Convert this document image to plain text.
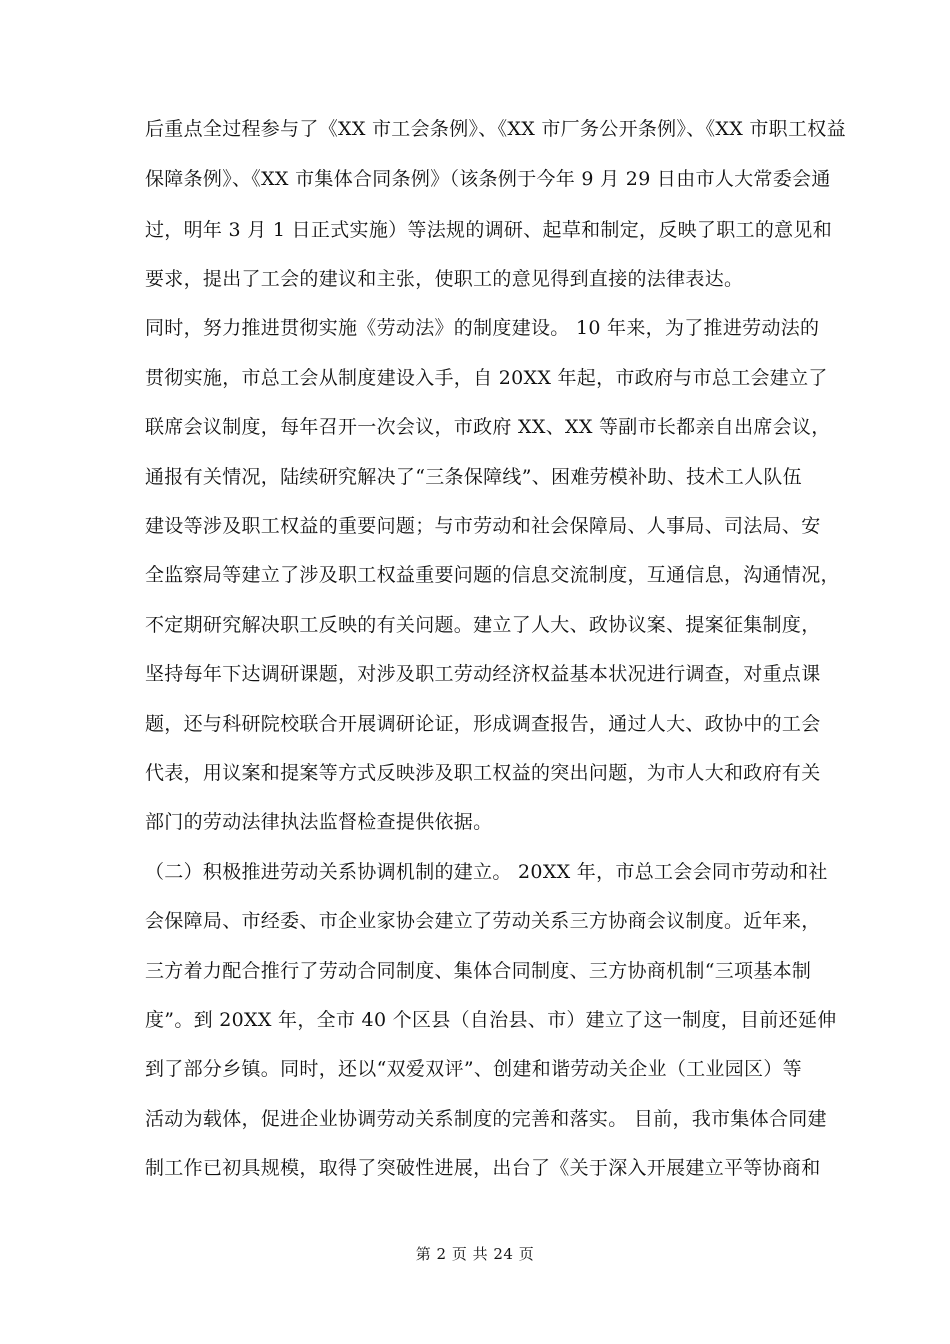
后重点全过程参与了《XX 市工会条例》、《XX 市厂务公开条例》、《XX 市职工权益
保障条例》、《XX 市集体合同条例》（该条例于今年 9 月 29 日由市人大常委会通
过，明年 3 月 1 日正式实施）等法规的调研、起草和制定，反映了职工的意见和
要求，提出了工会的建议和主张，使职工的意见得到直接的法律表达。
同时，努力推进贯彻实施《劳动法》的制度建设。 10 年来，为了推进劳动法的
贯彻实施，市总工会从制度建设入手，自 20XX 年起，市政府与市总工会建立了
联席会议制度，每年召开一次会议，市政府 XX、XX 等副市长都亲自出席会议，
通报有关情况，陆续研究解决了“三条保障线”、困难劳模补助、技术工人队伍
建设等涉及职工权益的重要问题；与市劳动和社会保障局、人事局、司法局、安
全监察局等建立了涉及职工权益重要问题的信息交流制度，互通信息，沟通情况，
不定期研究解决职工反映的有关问题。建立了人大、政协议案、提案征集制度，
坚持每年下达调研课题，对涉及职工劳动经济权益基本状况进行调查，对重点课
题，还与科研院校联合开展调研论证，形成调查报告，通过人大、政协中的工会
代表，用议案和提案等方式反映涉及职工权益的突出问题，为市人大和政府有关
部门的劳动法律执法监督检查提供依据。
（二）积极推进劳动关系协调机制的建立。 20XX 年，市总工会会同市劳动和社
会保障局、市经委、市企业家协会建立了劳动关系三方协商会议制度。近年来，
三方着力配合推行了劳动合同制度、集体合同制度、三方协商机制“三项基本制
度”。到 20XX 年，全市 40 个区县（自治县、市）建立了这一制度，目前还延伸
到了部分乡镇。同时，还以“双爱双评”、创建和谐劳动关企业（工业园区）等
活动为载体，促进企业协调劳动关系制度的完善和落实。 目前，我市集体合同建
制工作已初具规模，取得了突破性进展，出台了《关于深入开展建立平等协商和
第 2 页 共 24 页
